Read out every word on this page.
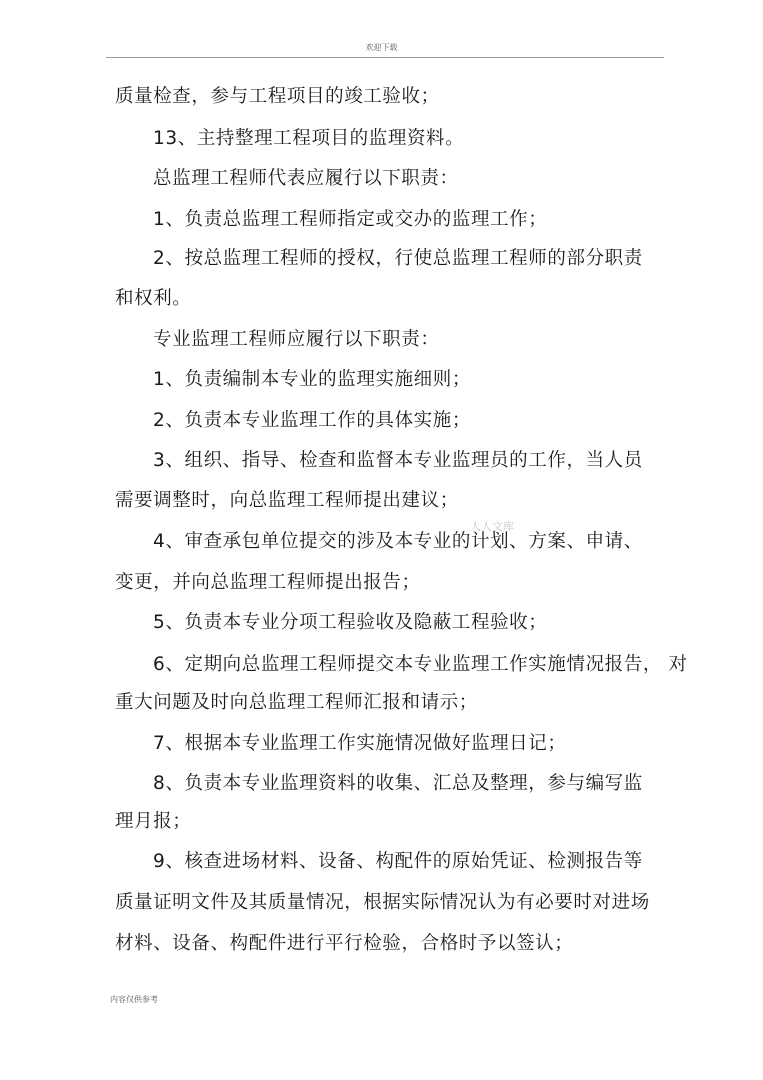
欢迎下载
质量检查，参与工程项目的竣工验收；
13、主持整理工程项目的监理资料。
总监理工程师代表应履行以下职责：
1、负责总监理工程师指定或交办的监理工作；
2、按总监理工程师的授权，行使总监理工程师的部分职责
和权利。
专业监理工程师应履行以下职责：
1、负责编制本专业的监理实施细则；
2、负责本专业监理工作的具体实施；
3、组织、指导、检查和监督本专业监理员的工作，当人员
需要调整时，向总监理工程师提出建议；
4、审查承包单位提交的涉及本专业的计划、方案、申请、
变更，并向总监理工程师提出报告；
5、负责本专业分项工程验收及隐蔽工程验收；
6、定期向总监理工程师提交本专业监理工作实施情况报告， 对
重大问题及时向总监理工程师汇报和请示；
7、根据本专业监理工作实施情况做好监理日记；
8、负责本专业监理资料的收集、汇总及整理，参与编写监
理月报；
9、核查进场材料、设备、构配件的原始凭证、检测报告等
质量证明文件及其质量情况，根据实际情况认为有必要时对进场
材料、设备、构配件进行平行检验，合格时予以签认；
人人文库
内容仅供参考
